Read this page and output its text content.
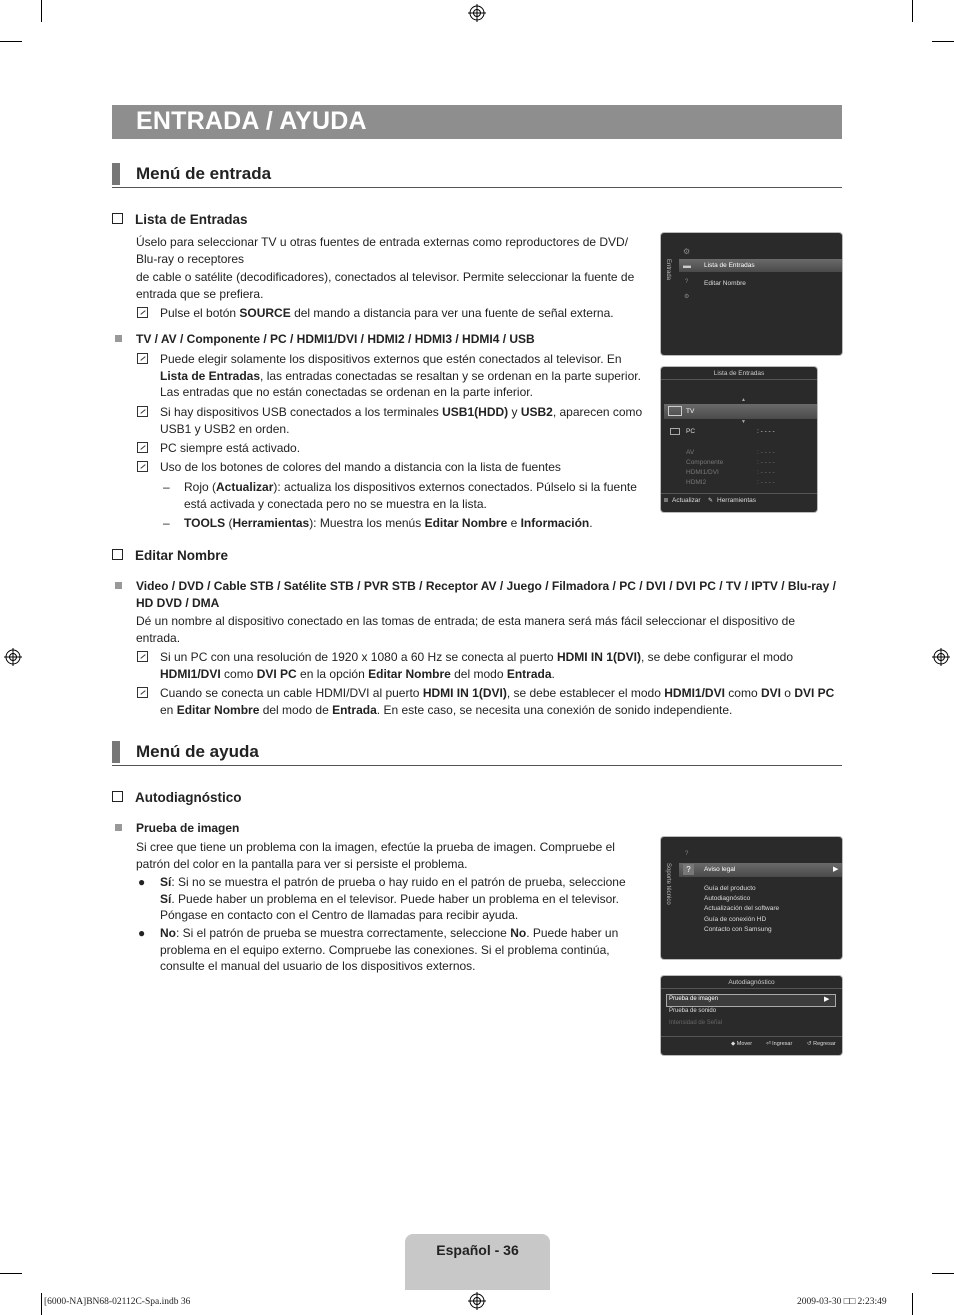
ENTRADA / AYUDA
Menú de entrada
Lista de Entradas
Úselo para seleccionar TV u otras fuentes de entrada externas como reproductores de DVD/ Blu-ray o receptores
de cable o satélite (decodificadores), conectados al televisor. Permite seleccionar la fuente de entrada que se prefiera.
Pulse el botón SOURCE del mando a distancia para ver una fuente de señal externa.
TV / AV / Componente / PC / HDMI1/DVI / HDMI2 / HDMI3 / HDMI4 / USB
Puede elegir solamente los dispositivos externos que estén conectados al televisor. En Lista de Entradas, las entradas conectadas se resaltan y se ordenan en la parte superior. Las entradas que no están conectadas se ordenan en la parte inferior.
Si hay dispositivos USB conectados a los terminales USB1(HDD) y USB2, aparecen como USB1 y USB2 en orden.
PC siempre está activado.
Uso de los botones de colores del mando a distancia con la lista de fuentes
– Rojo (Actualizar): actualiza los dispositivos externos conectados. Púlselo si la fuente está activada y conectada pero no se muestra en la lista.
– TOOLS (Herramientas): Muestra los menús Editar Nombre e Información.
Editar Nombre
Video / DVD / Cable STB / Satélite STB / PVR STB / Receptor AV / Juego / Filmadora / PC / DVI / DVI PC / TV / IPTV / Blu-ray / HD DVD / DMA
Dé un nombre al dispositivo conectado en las tomas de entrada; de esta manera será más fácil seleccionar el dispositivo de entrada.
Si un PC con una resolución de 1920 x 1080 a 60 Hz se conecta al puerto HDMI IN 1(DVI), se debe configurar el modo HDMI1/DVI como DVI PC en la opción Editar Nombre del modo Entrada.
Cuando se conecta un cable HDMI/DVI al puerto HDMI IN 1(DVI), se debe establecer el modo HDMI1/DVI como DVI o DVI PC en Editar Nombre del modo de Entrada. En este caso, se necesita una conexión de sonido independiente.
Menú de ayuda
Autodiagnóstico
Prueba de imagen
Si cree que tiene un problema con la imagen, efectúe la prueba de imagen. Compruebe el patrón del color en la pantalla para ver si persiste el problema.
● Sí: Si no se muestra el patrón de prueba o hay ruido en el patrón de prueba, seleccione Sí. Puede haber un problema en el televisor. Puede haber un problema en el televisor. Póngase en contacto con el Centro de llamadas para recibir ayuda.
● No: Si el patrón de prueba se muestra correctamente, seleccione No. Puede haber un problema en el equipo externo. Compruebe las conexiones. Si el problema continúa, consulte el manual del usuario de los dispositivos externos.
Entrada
⚙
▬ Lista de Entradas
? Editar Nombre
⚙
Lista de Entradas
▲
TV
▼
PC	: - - - -
AV	: - - - -
Componente	: - - - -
HDMI1/DVI	: - - - -
HDMI2	: - - - -
Actualizar ✎ Herramientas
Soporte técnico
?
?	Aviso legal	▶
Guía del producto
Autodiagnóstico
Actualización del software
Guía de conexión HD
Contacto con Samsung
Autodiagnóstico
Prueba de imagen	▶
Prueba de sonido
Intensidad de Señal
◆ Mover	⏎ Ingresar	↺ Regresar
Español - 36
[6000-NA]BN68-02112C-Spa.indb 36	2009-03-30 □□ 2:23:49
